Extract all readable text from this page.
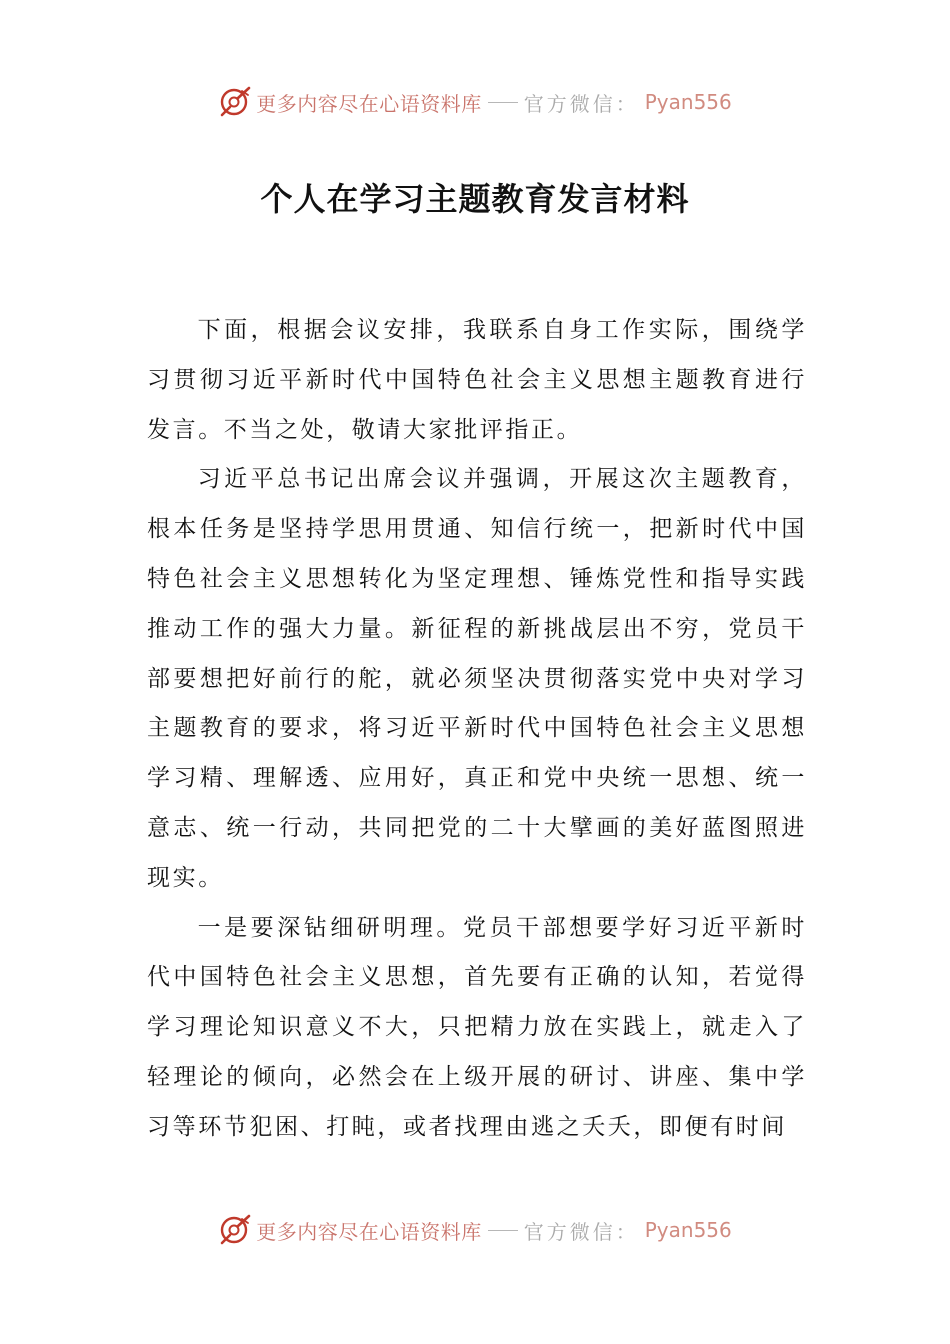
更多内容尽在心语资料库 官方微信： Pyan556
个人在学习主题教育发言材料

下面，根据会议安排，我联系自身工作实际，围绕学习贯彻习近平新时代中国特色社会主义思想主题教育进行发言。不当之处，敬请大家批评指正。

习近平总书记出席会议并强调，开展这次主题教育，根本任务是坚持学思用贯通、知信行统一，把新时代中国特色社会主义思想转化为坚定理想、锤炼党性和指导实践推动工作的强大力量。新征程的新挑战层出不穷，党员干部要想把好前行的舵，就必须坚决贯彻落实党中央对学习主题教育的要求，将习近平新时代中国特色社会主义思想学习精、理解透、应用好，真正和党中央统一思想、统一意志、统一行动，共同把党的二十大擘画的美好蓝图照进现实。

一是要深钻细研明理。党员干部想要学好习近平新时代中国特色社会主义思想，首先要有正确的认知，若觉得学习理论知识意义不大，只把精力放在实践上，就走入了轻理论的倾向，必然会在上级开展的研讨、讲座、集中学习等环节犯困、打盹，或者找理由逃之夭夭，即便有时间

更多内容尽在心语资料库 官方微信： Pyan556
